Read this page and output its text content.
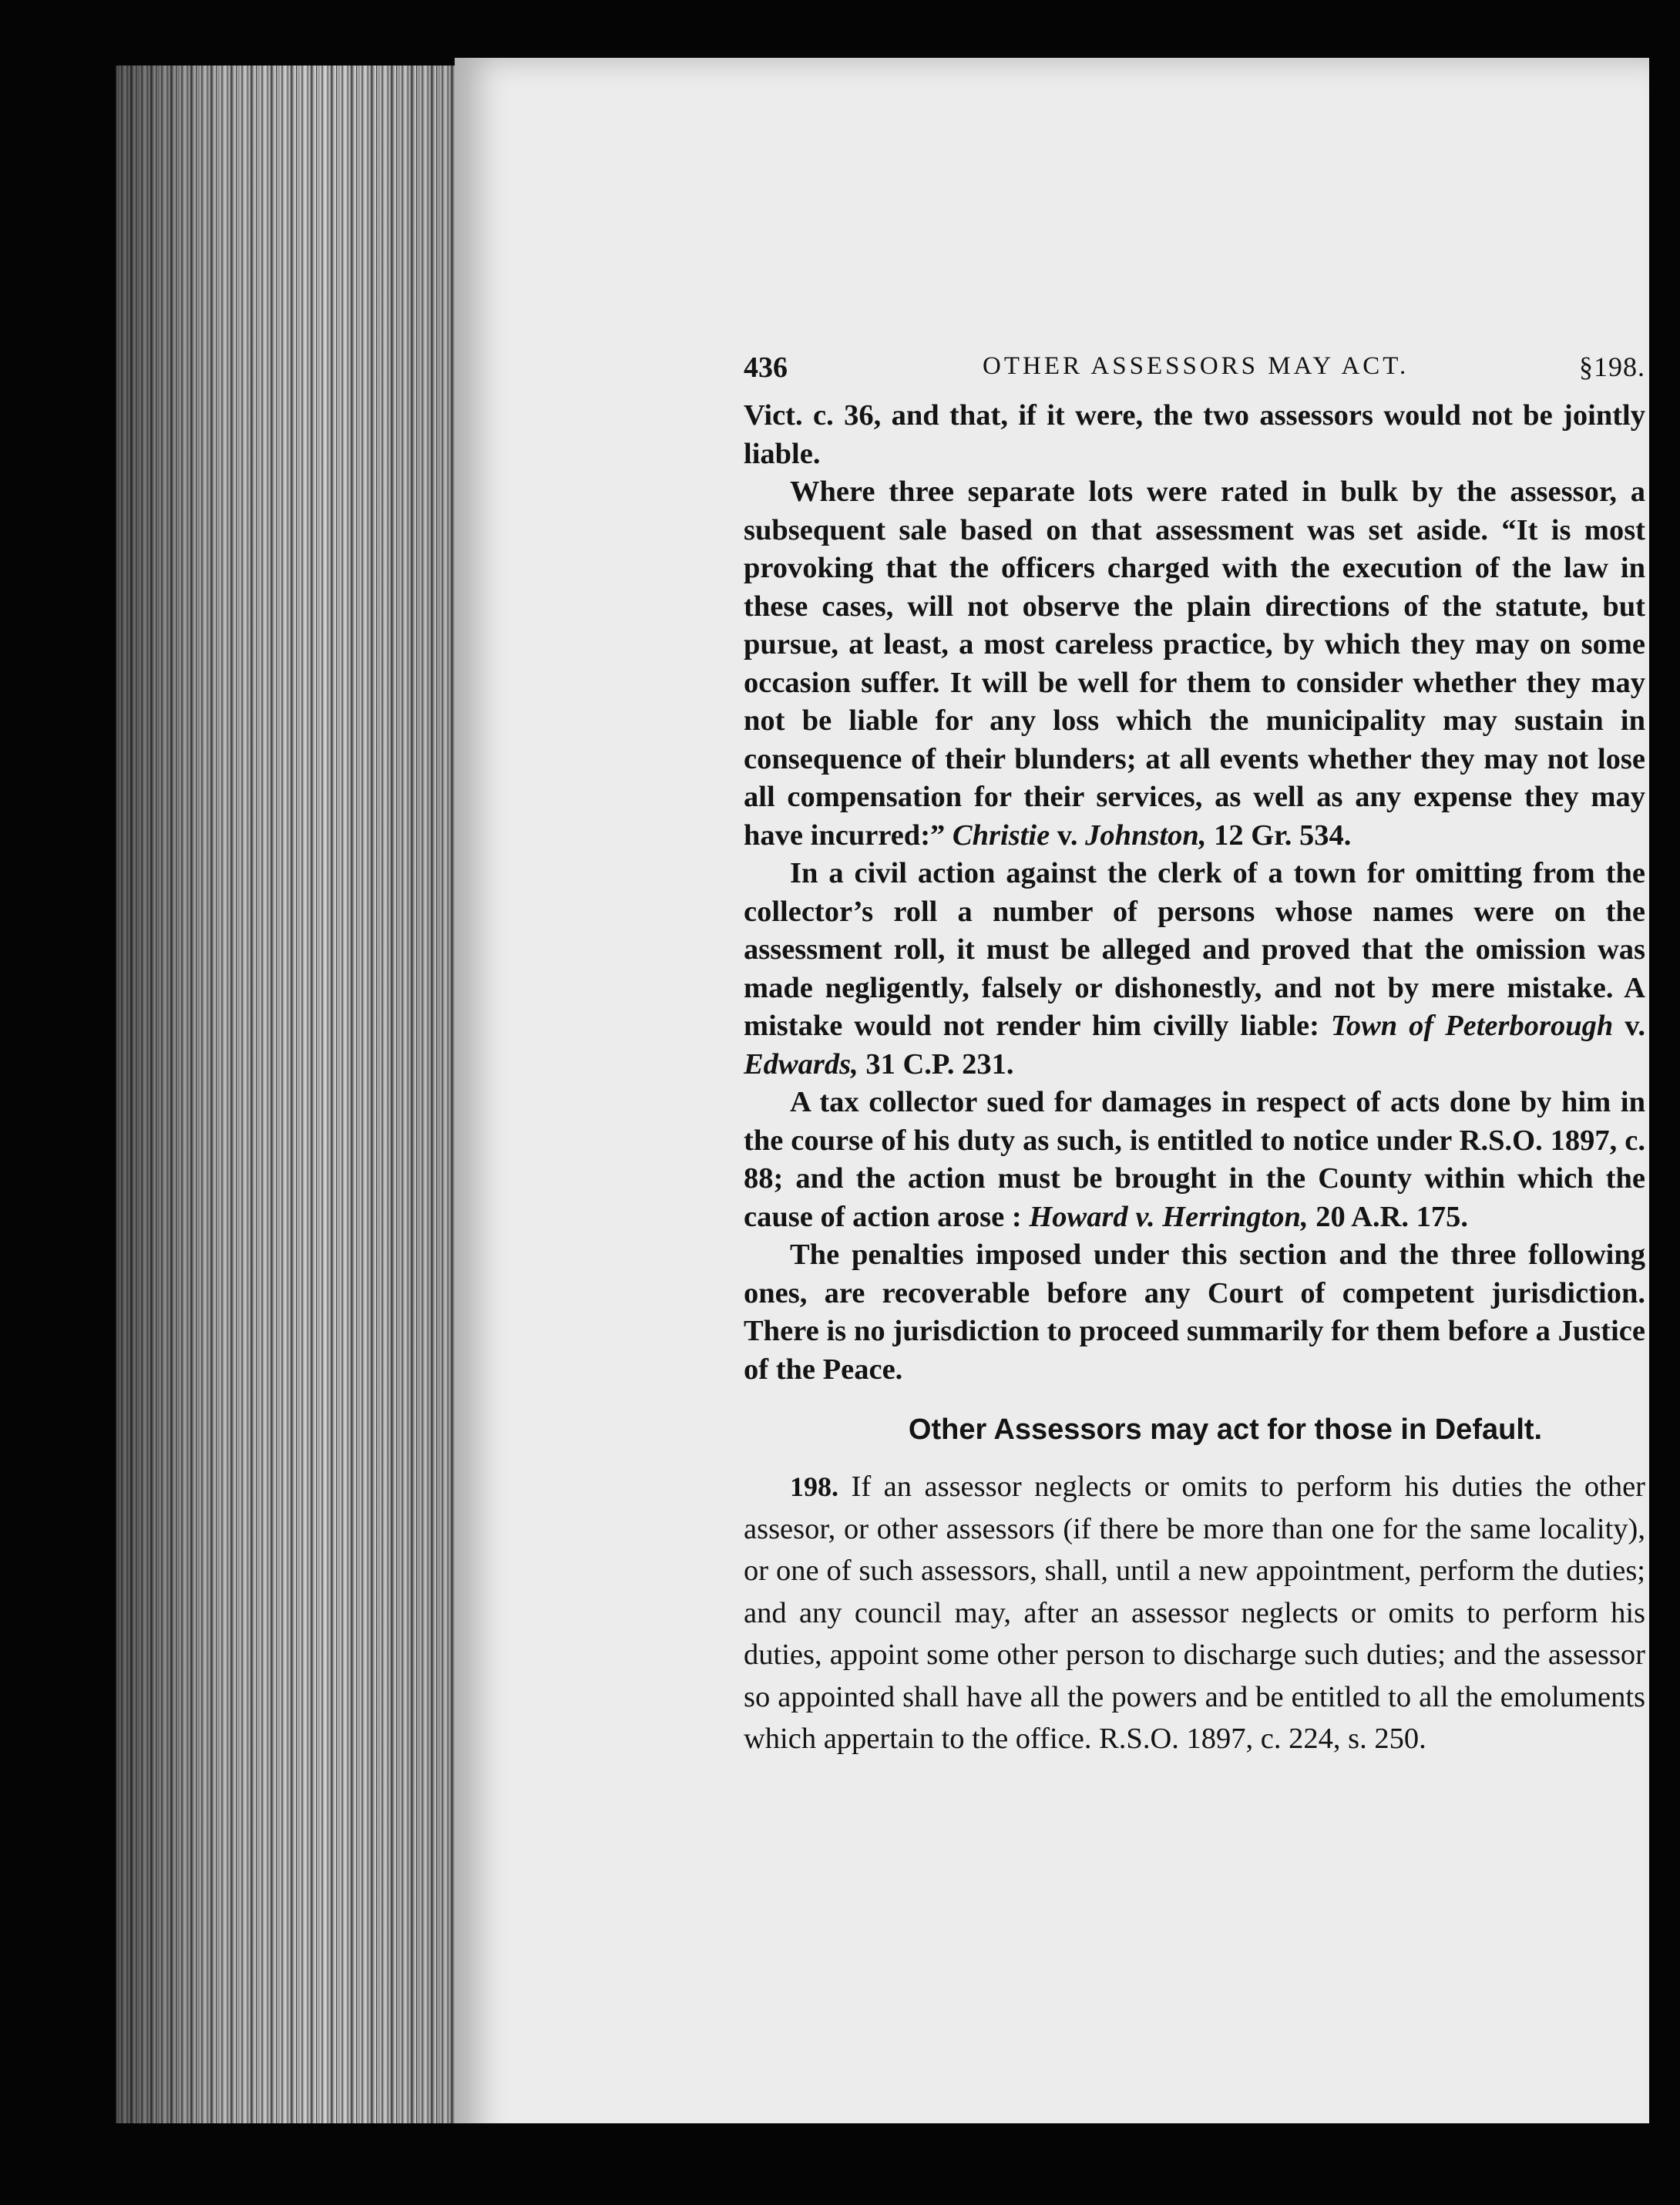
436	OTHER ASSESSORS MAY ACT.	§198.

Vict. c. 36, and that, if it were, the two assessors would not be jointly liable.

Where three separate lots were rated in bulk by the assessor, a subsequent sale based on that assessment was set aside. “It is most provoking that the officers charged with the execution of the law in these cases, will not observe the plain directions of the statute, but pursue, at least, a most careless practice, by which they may on some occasion suffer. It will be well for them to consider whether they may not be liable for any loss which the municipality may sustain in consequence of their blunders; at all events whether they may not lose all compensation for their services, as well as any expense they may have incurred:” Christie v. Johnston, 12 Gr. 534.

In a civil action against the clerk of a town for omitting from the collector’s roll a number of persons whose names were on the assessment roll, it must be alleged and proved that the omission was made negligently, falsely or dishonestly, and not by mere mistake. A mistake would not render him civilly liable: Town of Peterborough v. Edwards, 31 C.P. 231.

A tax collector sued for damages in respect of acts done by him in the course of his duty as such, is entitled to notice under R.S.O. 1897, c. 88; and the action must be brought in the County within which the cause of action arose : Howard v. Herrington, 20 A.R. 175.

The penalties imposed under this section and the three following ones, are recoverable before any Court of competent jurisdiction. There is no jurisdiction to proceed summarily for them before a Justice of the Peace.

Other Assessors may act for those in Default.

198. If an assessor neglects or omits to perform his duties the other assesor, or other assessors (if there be more than one for the same locality), or one of such assessors, shall, until a new appointment, perform the duties; and any council may, after an assessor neglects or omits to perform his duties, appoint some other person to discharge such duties; and the assessor so appointed shall have all the powers and be entitled to all the emoluments which appertain to the office. R.S.O. 1897, c. 224, s. 250.
